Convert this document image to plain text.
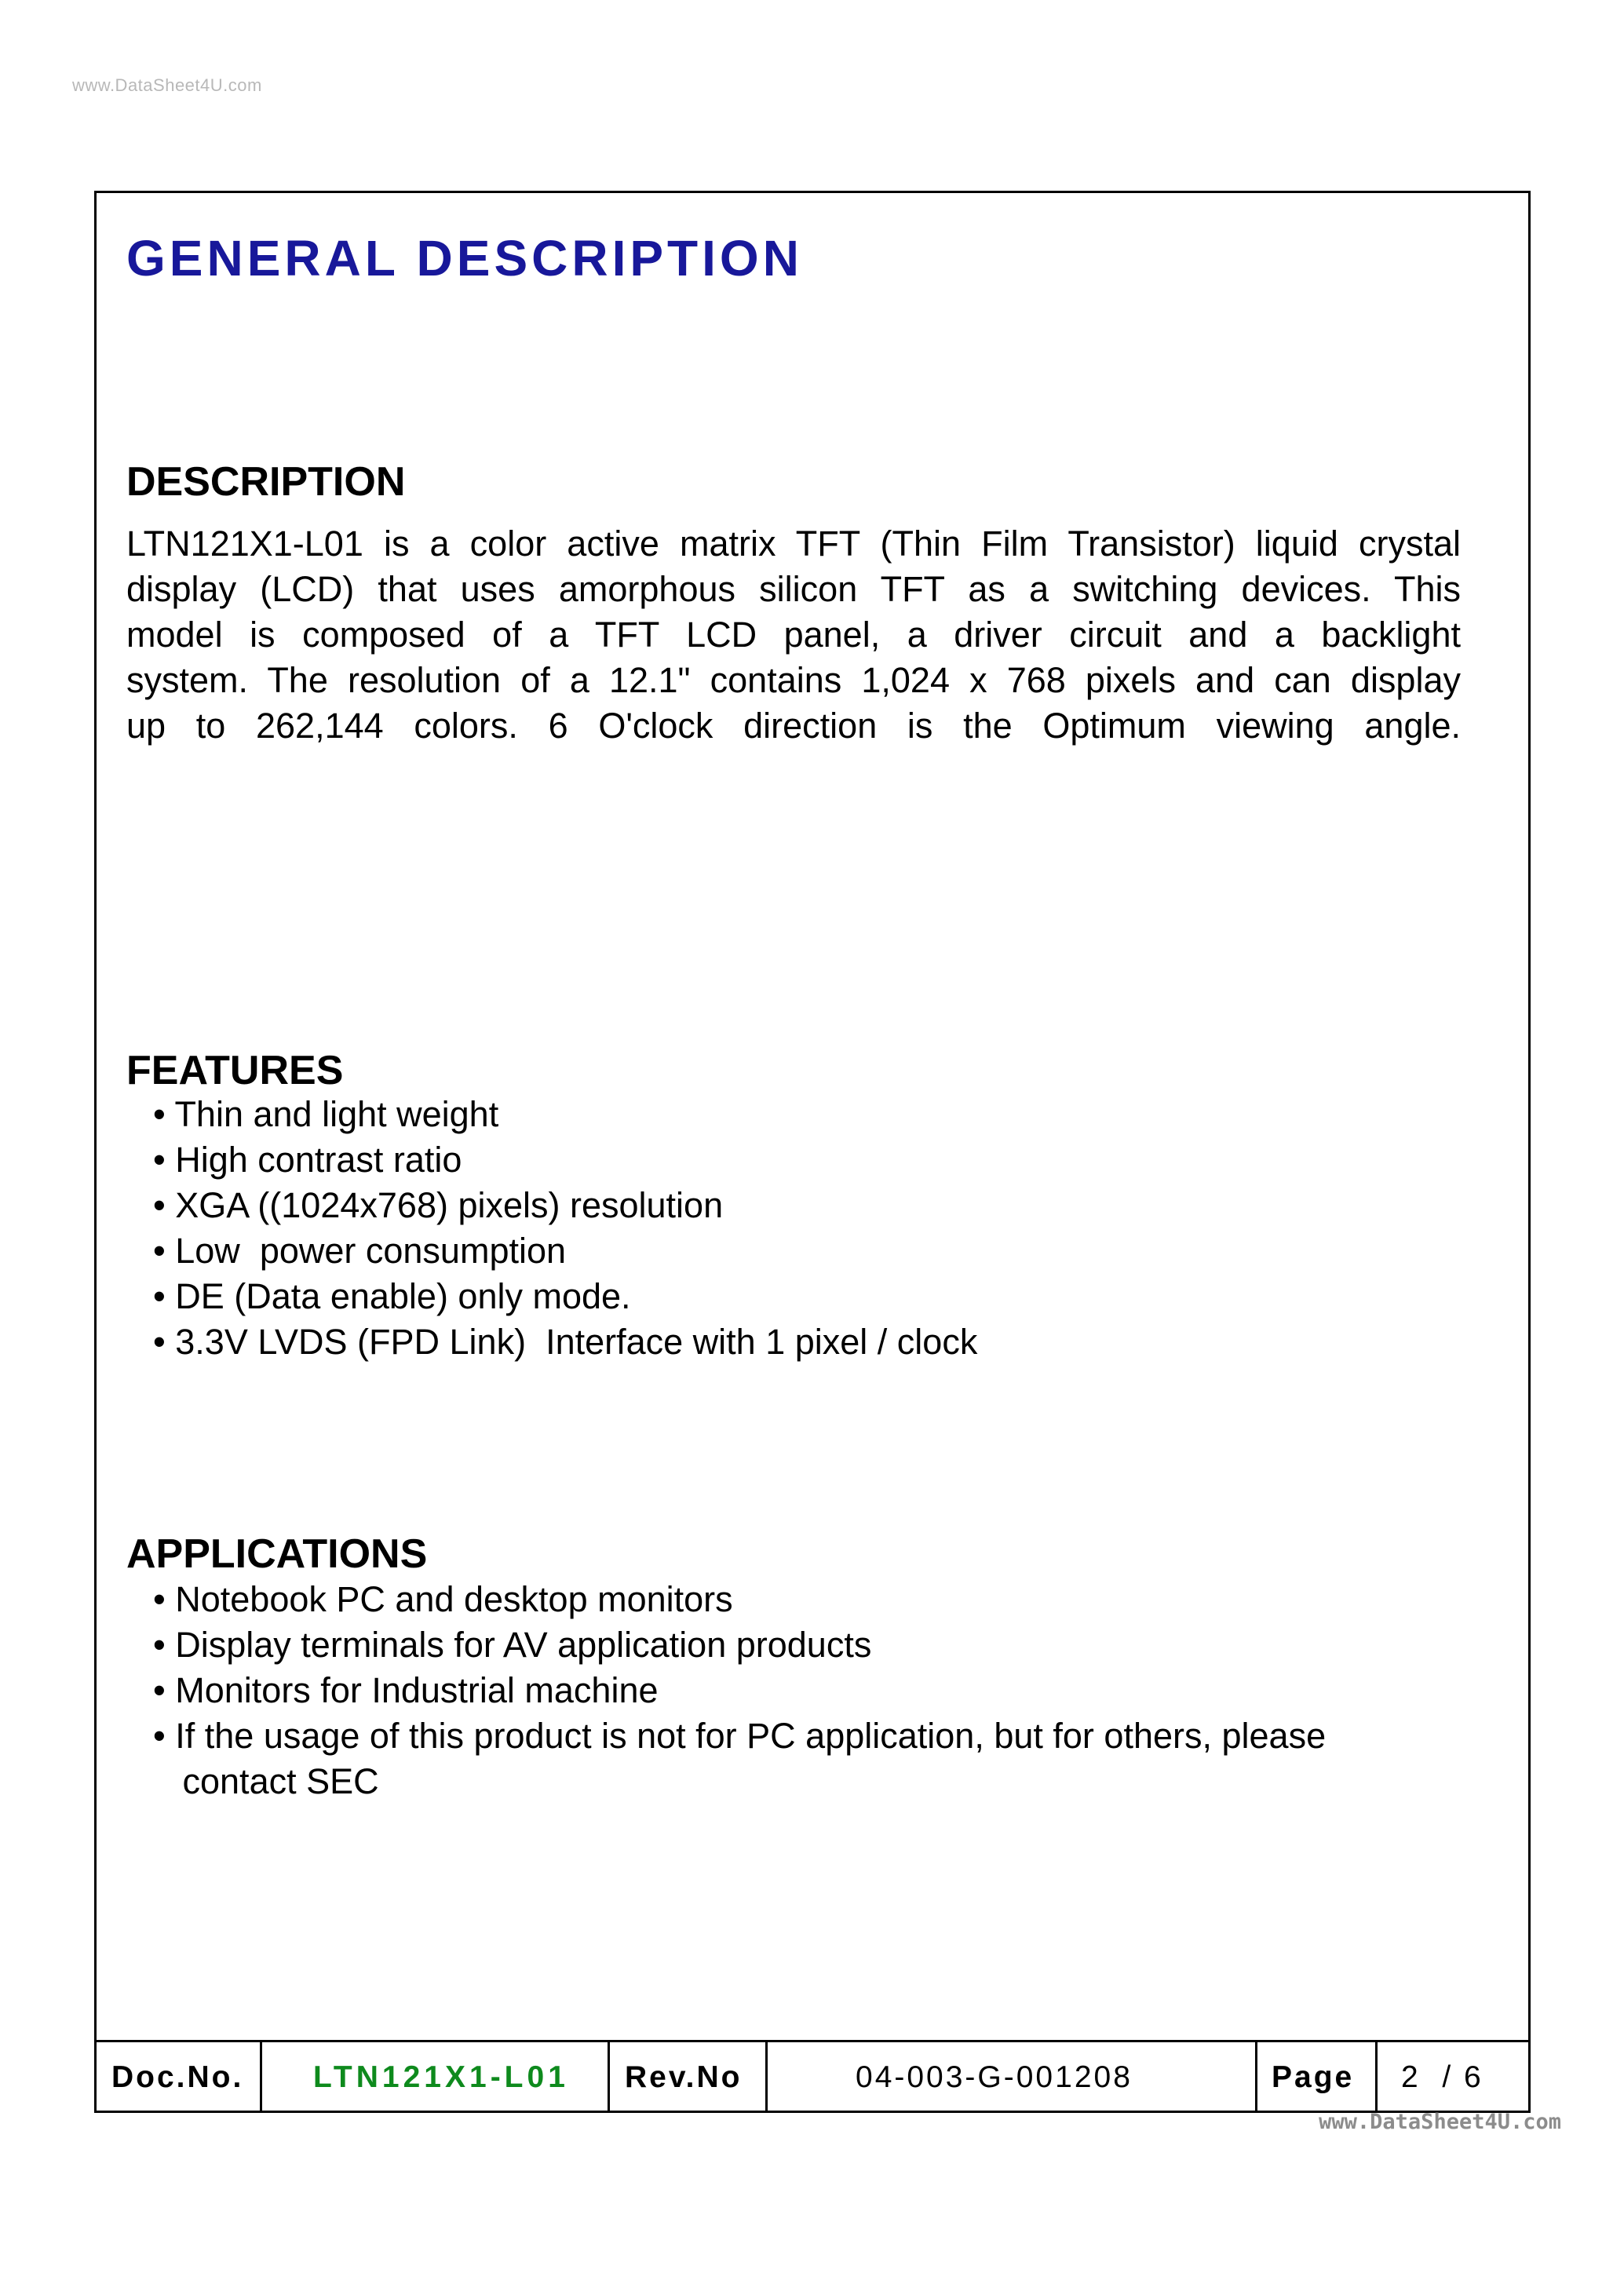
www.DataSheet4U.com
GENERAL DESCRIPTION
DESCRIPTION
LTN121X1-L01 is a color active matrix TFT (Thin Film Transistor) liquid crystal
display (LCD) that uses amorphous silicon TFT as a switching devices. This
model is composed of a TFT LCD panel, a driver circuit and a backlight
system. The resolution of a 12.1" contains 1,024 x 768 pixels and can display
up to 262,144 colors. 6 O'clock direction is the Optimum viewing angle.
FEATURES
• Thin and light weight
• High contrast ratio
• XGA ((1024x768) pixels) resolution
• Low  power consumption
• DE (Data enable) only mode.
• 3.3V LVDS (FPD Link)  Interface with 1 pixel / clock
APPLICATIONS
• Notebook PC and desktop monitors
• Display terminals for AV application products
• Monitors for Industrial machine
• If the usage of this product is not for PC application, but for others, please
contact SEC
Doc.No. LTN121X1-L01 Rev.No	04-003-G-001208	Page 2  / 6
www.DataSheet4U.com
